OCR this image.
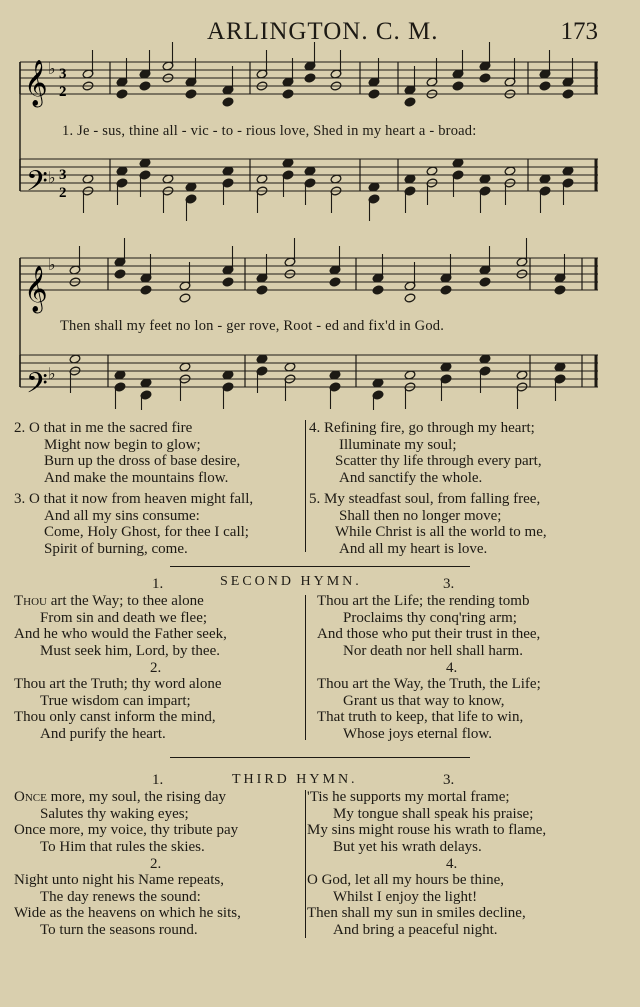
ARLINGTON. C. M.	173
♭
♭
♭
♭
𝄞
𝄢
𝄞
𝄢
3
2
3
2
1. Je - sus, thine all - vic - to - rious love, Shed in my heart a - broad:
Then shall my feet no lon - ger rove, Root - ed and fix'd in God.
2. O that in me the sacred fire
Might now begin to glow;
Burn up the dross of base desire,
And make the mountains flow.
3. O that it now from heaven might fall,
And all my sins consume:
Come, Holy Ghost, for thee I call;
Spirit of burning, come.
4. Refining fire, go through my heart;
Illuminate my soul;
Scatter thy life through every part,
And sanctify the whole.
5. My steadfast soul, from falling free,
Shall then no longer move;
While Christ is all the world to me,
And all my heart is love.
SECOND HYMN.
1.	3.
Thou art the Way; to thee alone
From sin and death we flee;
And he who would the Father seek,
Must seek him, Lord, by thee.
2.
Thou art the Truth; thy word alone
True wisdom can impart;
Thou only canst inform the mind,
And purify the heart.
Thou art the Life; the rending tomb
Proclaims thy conq'ring arm;
And those who put their trust in thee,
Nor death nor hell shall harm.
4.
Thou art the Way, the Truth, the Life;
Grant us that way to know,
That truth to keep, that life to win,
Whose joys eternal flow.
THIRD HYMN.
1.	3.
Once more, my soul, the rising day
Salutes thy waking eyes;
Once more, my voice, thy tribute pay
To Him that rules the skies.
2.
Night unto night his Name repeats,
The day renews the sound:
Wide as the heavens on which he sits,
To turn the seasons round.
'Tis he supports my mortal frame;
My tongue shall speak his praise;
My sins might rouse his wrath to flame,
But yet his wrath delays.
4.
O God, let all my hours be thine,
Whilst I enjoy the light!
Then shall my sun in smiles decline,
And bring a peaceful night.
